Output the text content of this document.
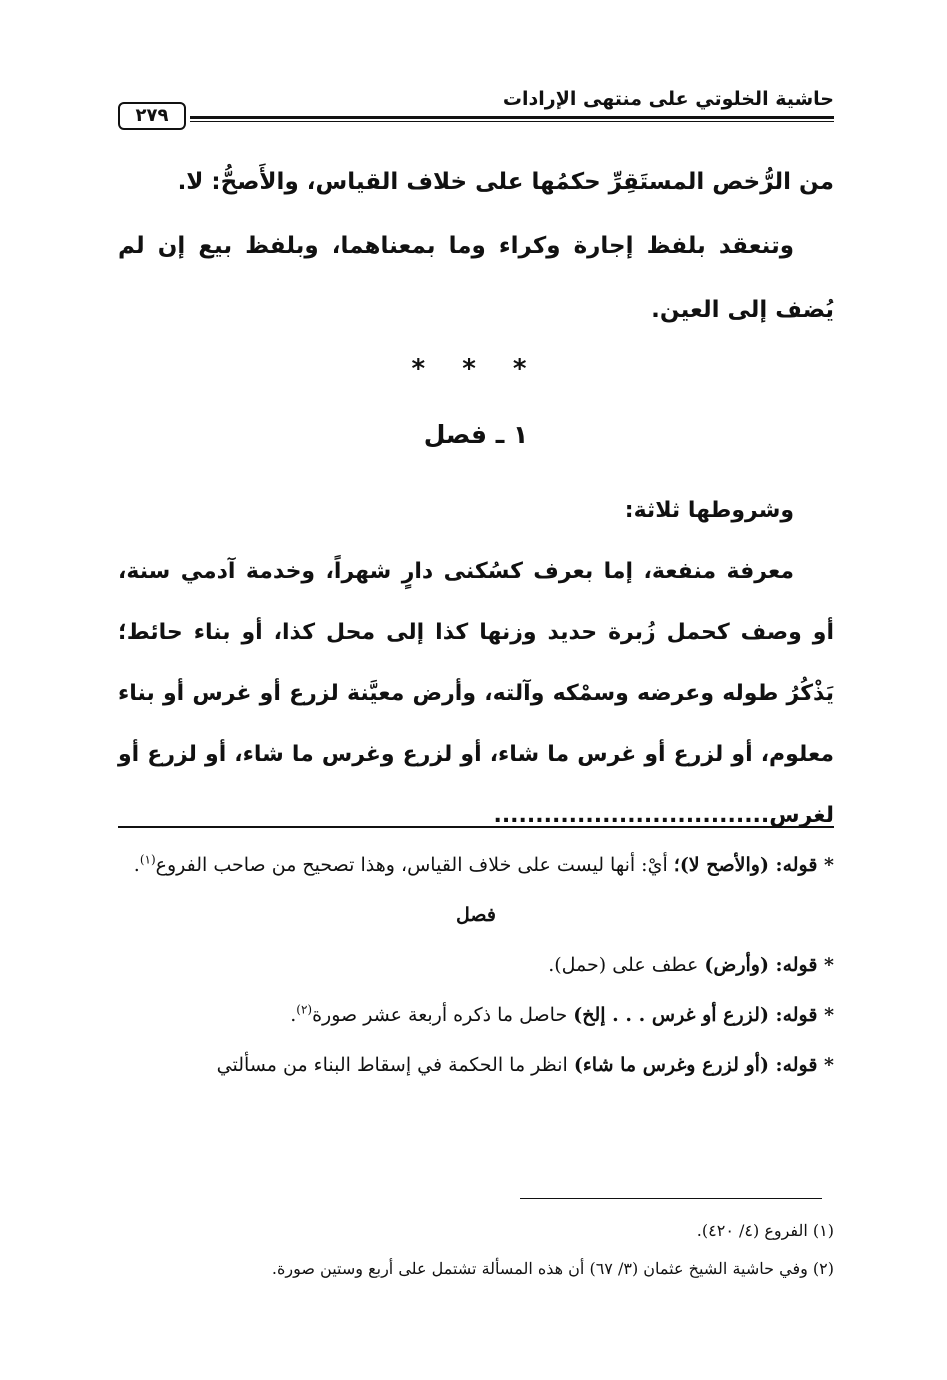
حاشية الخلوتي على منتهى الإرادات
٢٧٩

من الرُّخص المستَقِرِّ حكمُها على خلاف القياس، والأَصحُّ: لا.

وتنعقد بلفظ إجارة وكراء وما بمعناهما، وبلفظ بيع إن لم يُضف إلى العين.

* * *
١ ـ فصل

وشروطها ثلاثة:

معرفة منفعة، إما بعرف كسُكنى دارٍ شهراً، وخدمة آدمي سنة، أو وصف كحمل زُبرة حديد وزنها كذا إلى محل كذا، أو بناء حائط؛ يَذْكُرُ طوله وعرضه وسمْكه وآلته، وأرض معيَّنة لزرع أو غرس أو بناء معلوم، أو لزرع أو غرس ما شاء، أو لزرع وغرس ما شاء، أو لزرع أو لغرس.................................

* قوله: (والأصح لا)؛ أيْ: أنها ليست على خلاف القياس، وهذا تصحيح من صاحب الفروع$^{(١)}$.

فصل

* قوله: (وأرض) عطف على (حمل).

* قوله: (لزرع أو غرس . . . إلخ) حاصل ما ذكره أربعة عشر صورة$^{(٢)}$.

* قوله: (أو لزرع وغرس ما شاء) انظر ما الحكمة في إسقاط البناء من مسألتي

(١) الفروع (٤/ ٤٢٠).

(٢) وفي حاشية الشيخ عثمان (٣/ ٦٧) أن هذه المسألة تشتمل على أربع وستين صورة.
